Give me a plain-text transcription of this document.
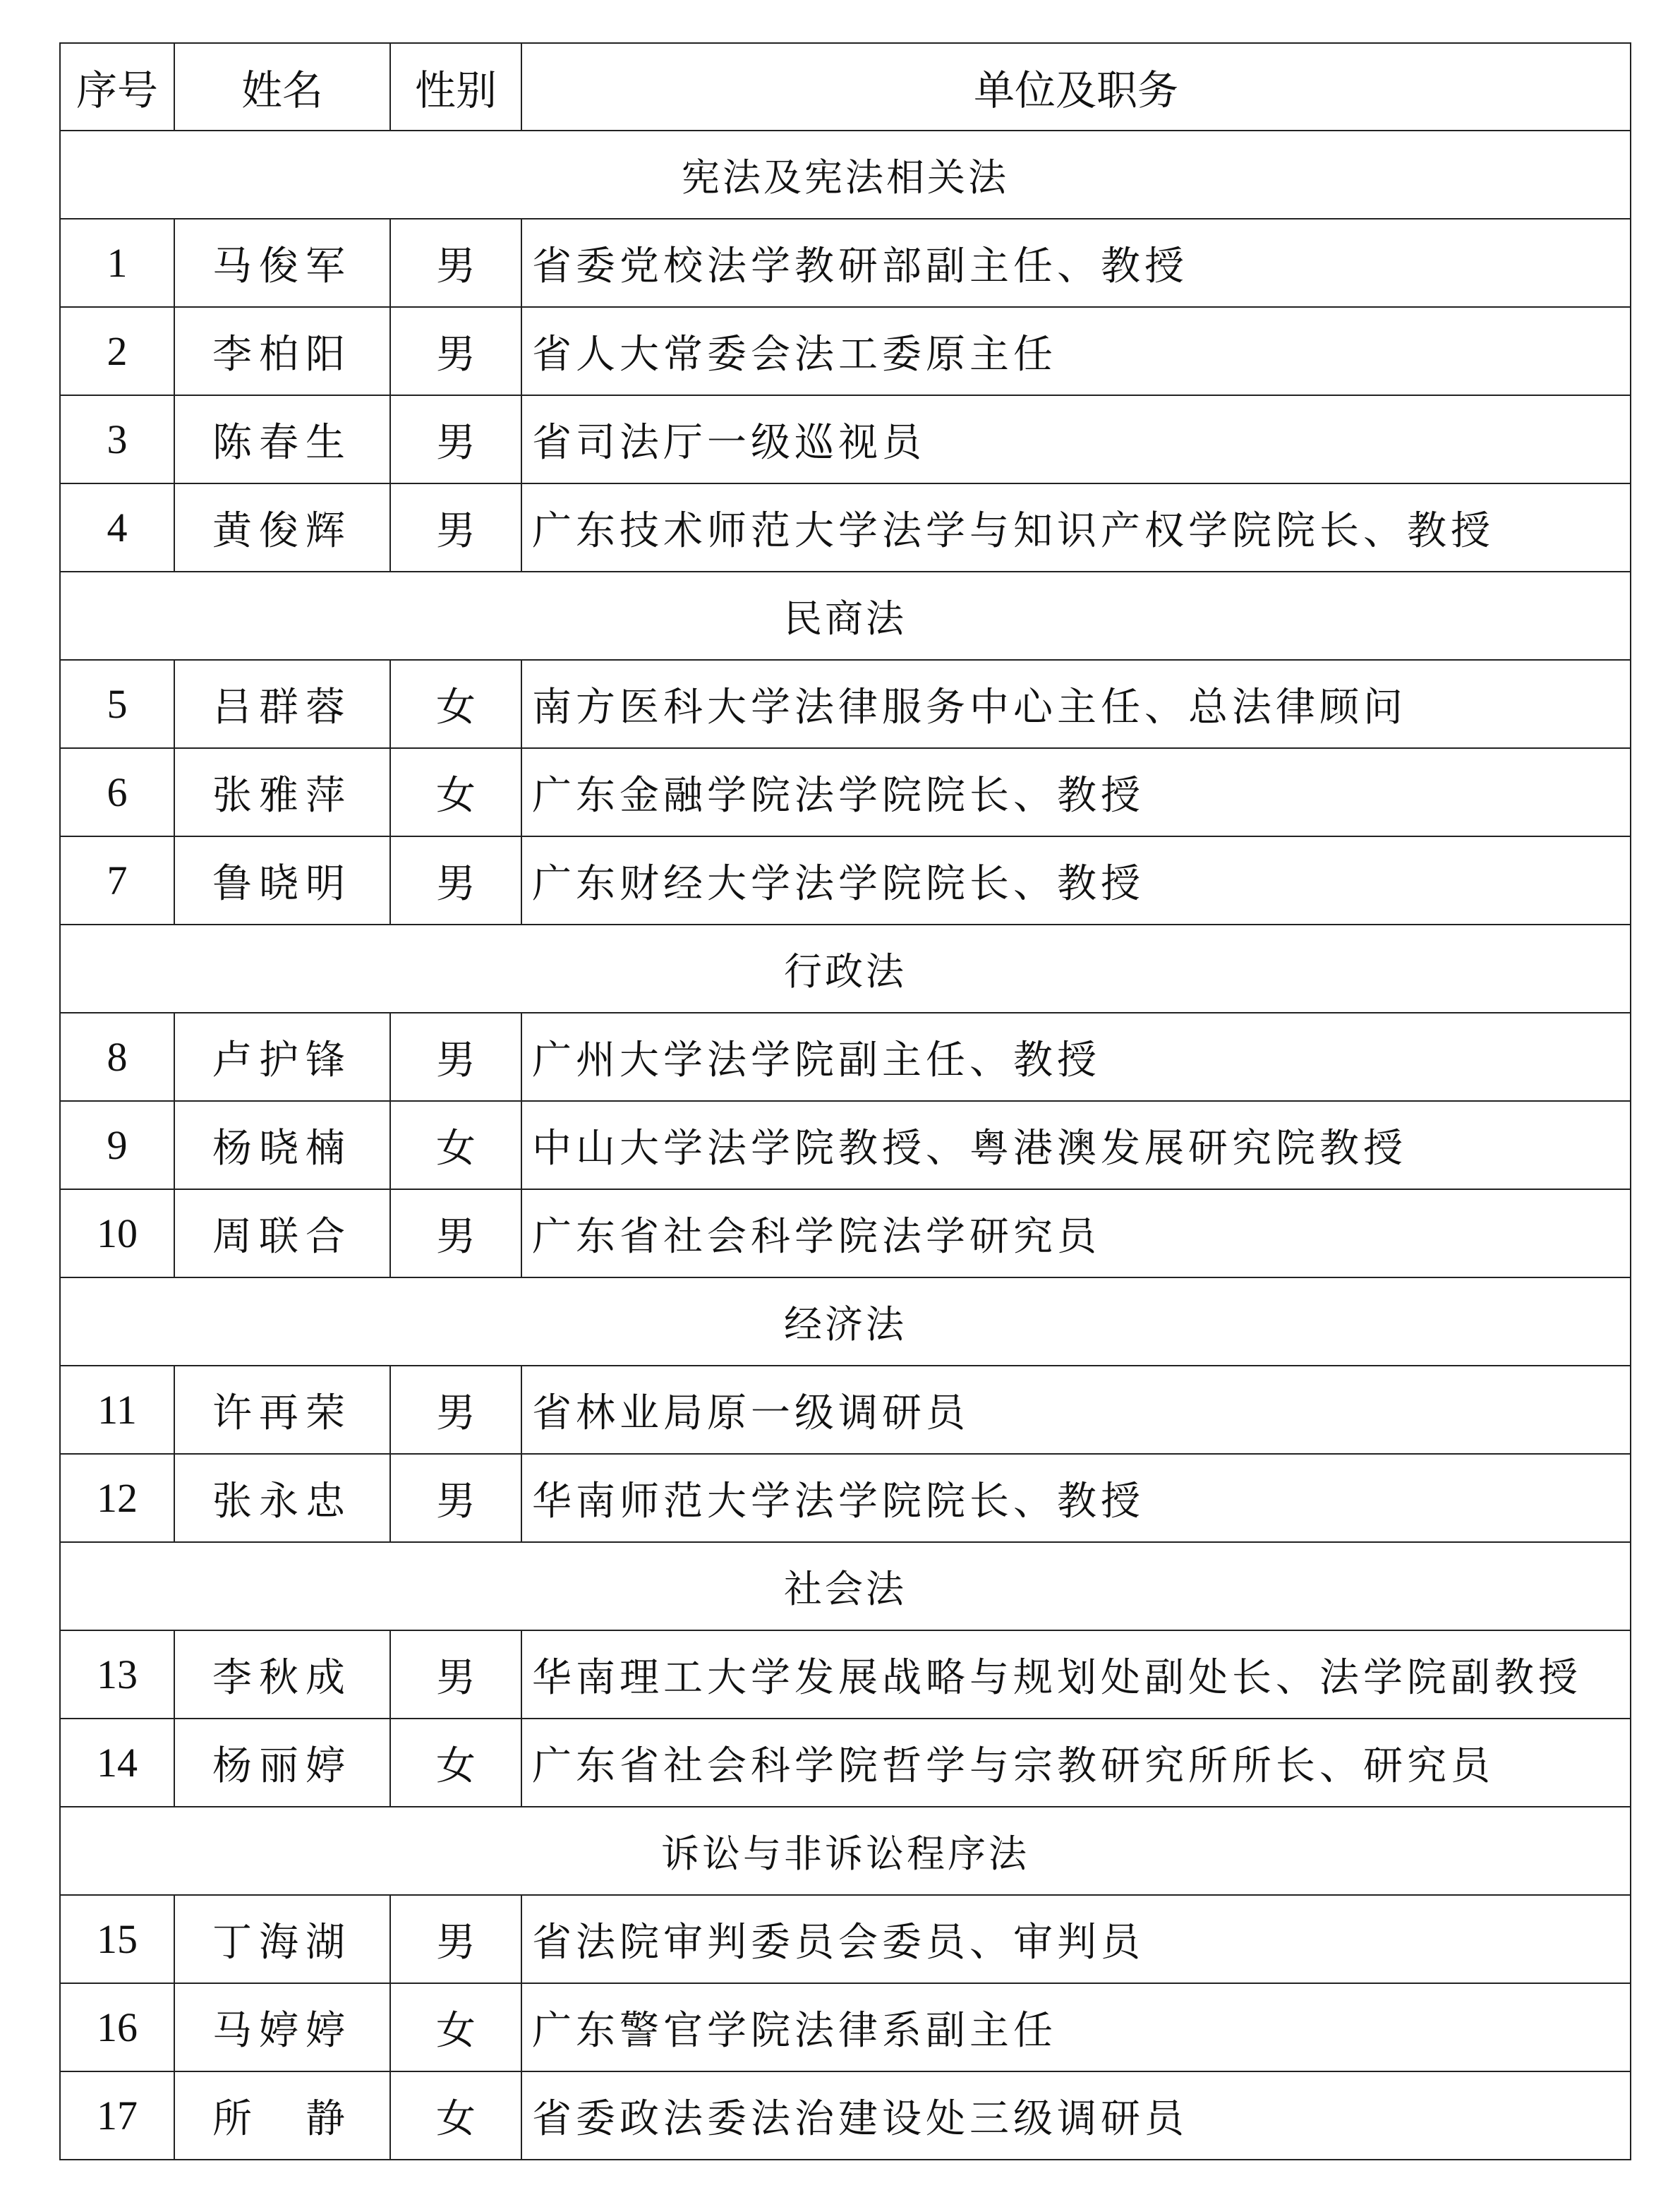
序号	姓名	性别	单位及职务
宪法及宪法相关法			
1	马俊军	男	省委党校法学教研部副主任、教授
2	李柏阳	男	省人大常委会法工委原主任
3	陈春生	男	省司法厅一级巡视员
4	黄俊辉	男	广东技术师范大学法学与知识产权学院院长、教授
民商法			
5	吕群蓉	女	南方医科大学法律服务中心主任、总法律顾问
6	张雅萍	女	广东金融学院法学院院长、教授
7	鲁晓明	男	广东财经大学法学院院长、教授
行政法			
8	卢护锋	男	广州大学法学院副主任、教授
9	杨晓楠	女	中山大学法学院教授、粤港澳发展研究院教授
10	周联合	男	广东省社会科学院法学研究员
经济法			
11	许再荣	男	省林业局原一级调研员
12	张永忠	男	华南师范大学法学院院长、教授
社会法			
13	李秋成	男	华南理工大学发展战略与规划处副处长、法学院副教授
14	杨丽婷	女	广东省社会科学院哲学与宗教研究所所长、研究员
诉讼与非诉讼程序法			
15	丁海湖	男	省法院审判委员会委员、审判员
16	马婷婷	女	广东警官学院法律系副主任
17	所　静	女	省委政法委法治建设处三级调研员
